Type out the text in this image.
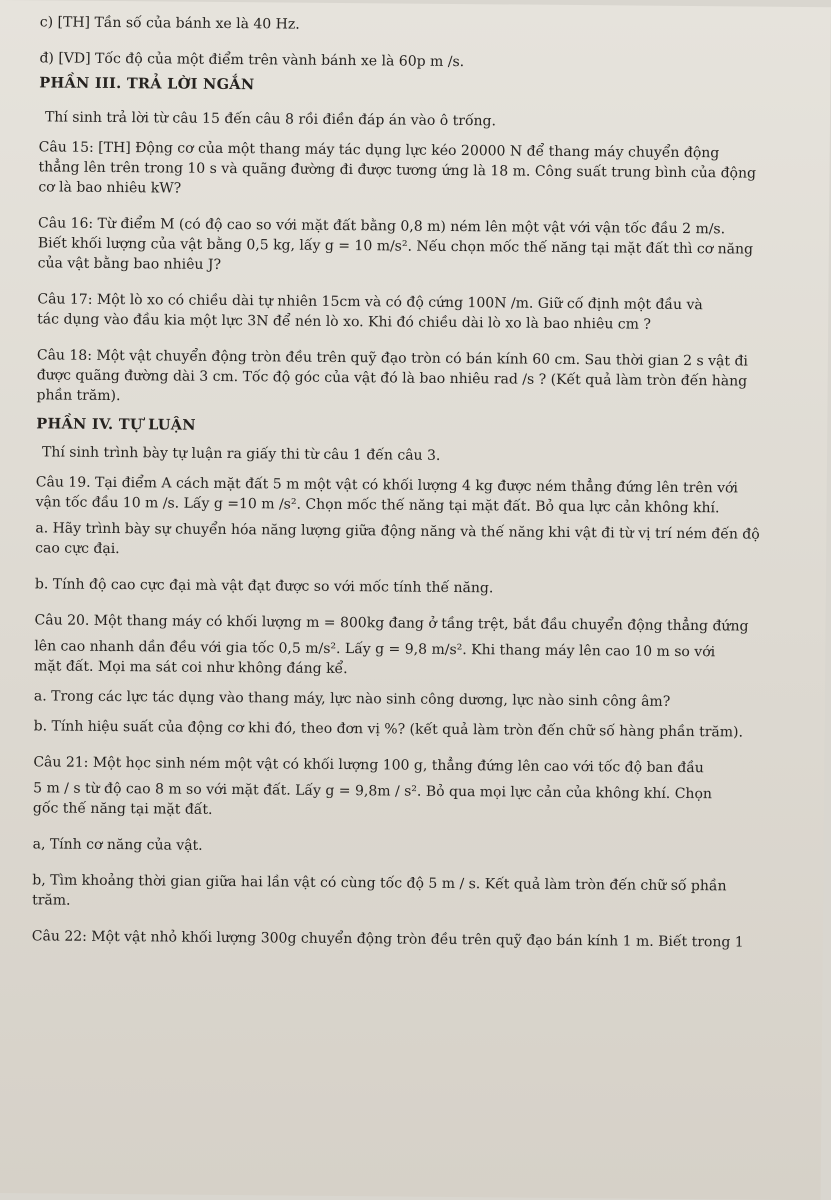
c) [TH] Tần số của bánh xe là 40 Hz.

đ) [VD] Tốc độ của một điểm trên vành bánh xe là 60p m /s.

PHẦN III. TRẢ LỜI NGẮN

Thí sinh trả lời từ câu 15 đến câu 8 rồi điền đáp án vào ô trống.

Câu 15: [TH] Động cơ của một thang máy tác dụng lực kéo 20000 N để thang máy chuyển động

thẳng lên trên trong 10 s và quãng đường đi được tương ứng là 18 m. Công suất trung bình của động

cơ là bao nhiêu kW?

Câu 16: Từ điểm M (có độ cao so với mặt đất bằng 0,8 m) ném lên một vật với vận tốc đầu 2 m/s.

Biết khối lượng của vật bằng 0,5 kg, lấy g = 10 m/s². Nếu chọn mốc thế năng tại mặt đất thì cơ năng

của vật bằng bao nhiêu J?

Câu 17: Một lò xo có chiều dài tự nhiên 15cm và có độ cứng 100N /m. Giữ cố định một đầu và

tác dụng vào đầu kia một lực 3N để nén lò xo. Khi đó chiều dài lò xo là bao nhiêu cm ?

Câu 18: Một vật chuyển động tròn đều trên quỹ đạo tròn có bán kính 60 cm. Sau thời gian 2 s vật đi

được quãng đường dài 3 cm. Tốc độ góc của vật đó là bao nhiêu rad /s ? (Kết quả làm tròn đến hàng

phần trăm).

PHẦN IV. TỰ LUẬN

Thí sinh trình bày tự luận ra giấy thi từ câu 1 đến câu 3.

Câu 19. Tại điểm A cách mặt đất 5 m một vật có khối lượng 4 kg được ném thẳng đứng lên trên với

vận tốc đầu 10 m /s. Lấy g =10 m /s². Chọn mốc thế năng tại mặt đất. Bỏ qua lực cản không khí.

a. Hãy trình bày sự chuyển hóa năng lượng giữa động năng và thế năng khi vật đi từ vị trí ném đến độ

cao cực đại.

b. Tính độ cao cực đại mà vật đạt được so với mốc tính thế năng.

Câu 20. Một thang máy có khối lượng m = 800kg đang ở tầng trệt, bắt đầu chuyển động thẳng đứng

lên cao nhanh dần đều với gia tốc 0,5 m/s². Lấy g = 9,8 m/s². Khi thang máy lên cao 10 m so với

mặt đất. Mọi ma sát coi như không đáng kể.

a. Trong các lực tác dụng vào thang máy, lực nào sinh công dương, lực nào sinh công âm?

b. Tính hiệu suất của động cơ khi đó, theo đơn vị %? (kết quả làm tròn đến chữ số hàng phần trăm).

Câu 21: Một học sinh ném một vật có khối lượng 100 g, thẳng đứng lên cao với tốc độ ban đầu

5 m / s từ độ cao 8 m so với mặt đất. Lấy g = 9,8m / s². Bỏ qua mọi lực cản của không khí. Chọn

gốc thế năng tại mặt đất.

a, Tính cơ năng của vật.

b, Tìm khoảng thời gian giữa hai lần vật có cùng tốc độ 5 m / s. Kết quả làm tròn đến chữ số phần

trăm.

Câu 22: Một vật nhỏ khối lượng 300g chuyển động tròn đều trên quỹ đạo bán kính 1 m. Biết trong 1
